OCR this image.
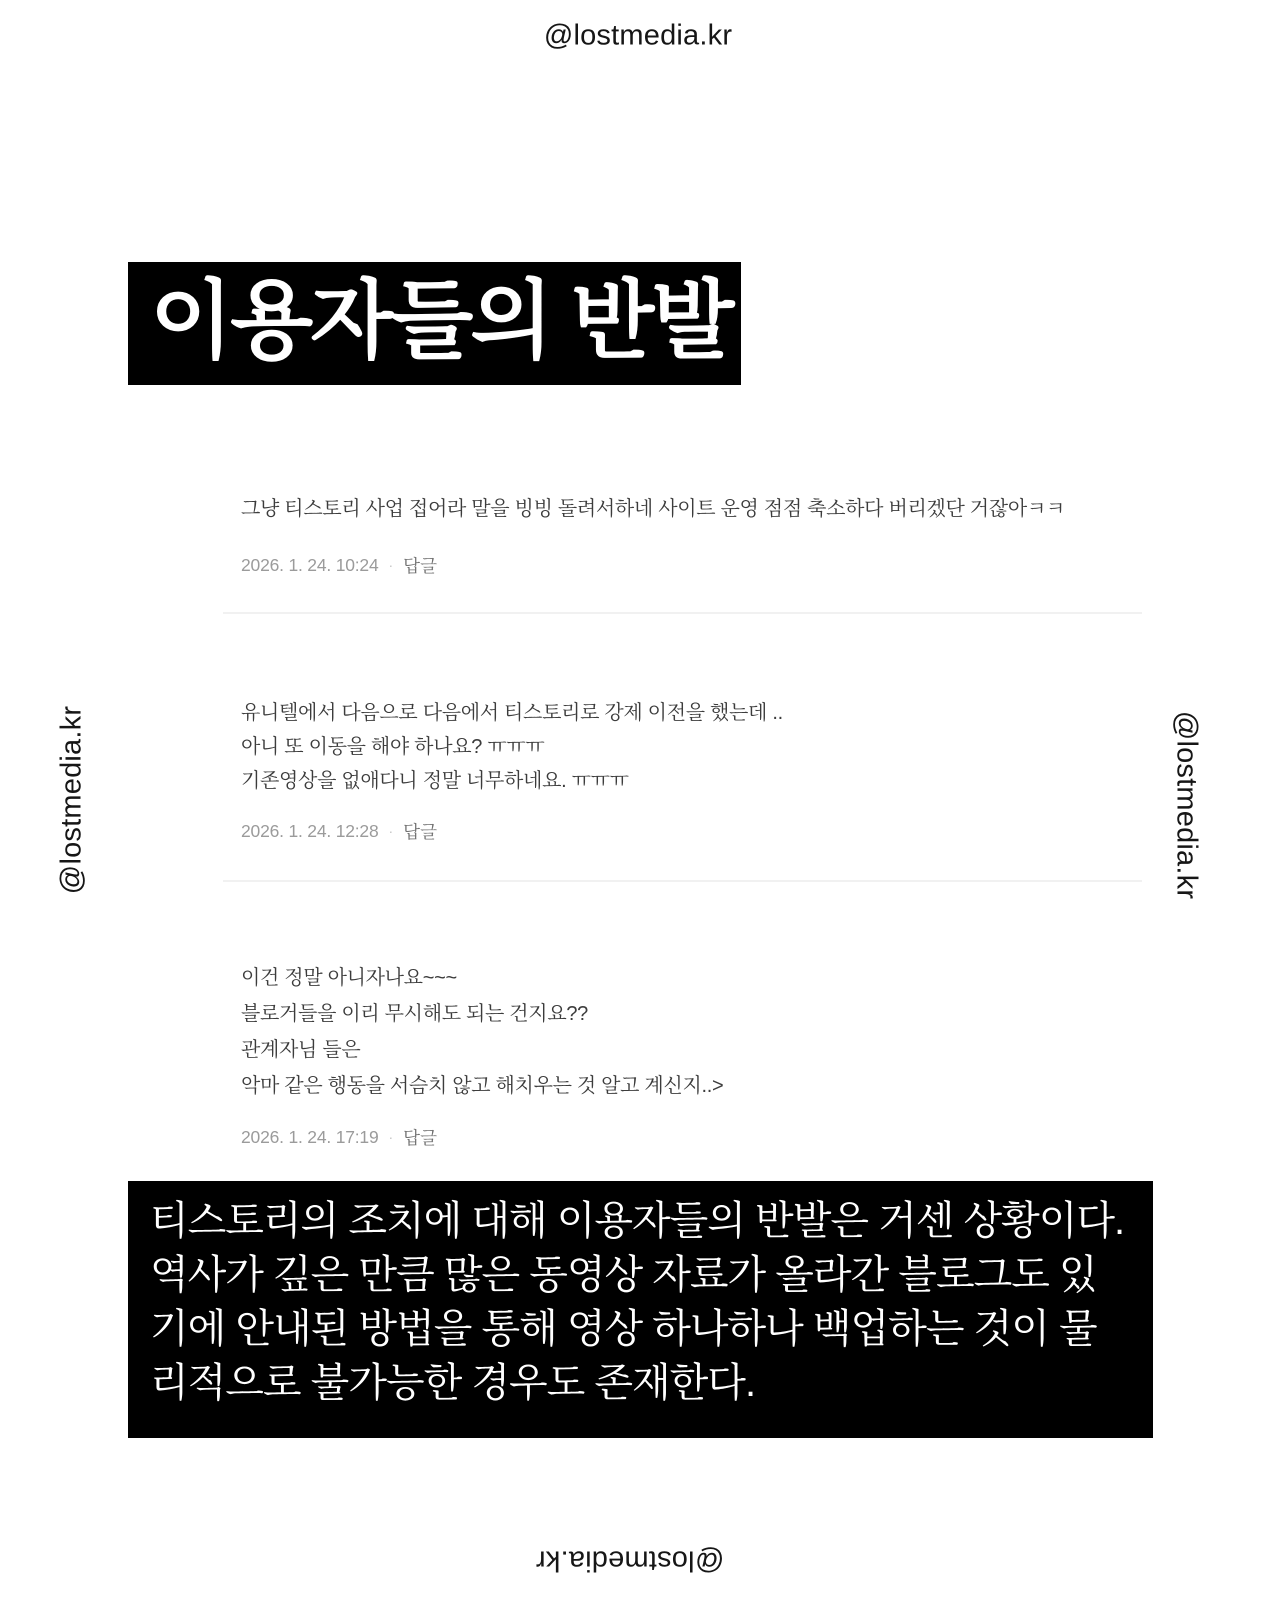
@lostmedia.kr
@lostmedia.kr	@lostmedia.kr
@lostmedia.kr
이용자들의 반발

그냥 티스토리 사업 접어라 말을 빙빙 돌려서하네 사이트 운영 점점 축소하다 버리겠단 거잖아ㅋㅋ

2026. 1. 24. 10:24 · 답글

유니텔에서 다음으로 다음에서 티스토리로 강제 이전을 했는데 ..

아니 또 이동을 해야 하나요? ㅠㅠㅠ

기존영상을 없애다니 정말 너무하네요. ㅠㅠㅠ

2026. 1. 24. 12:28 · 답글

이건 정말 아니자나요~~~

블로거들을 이리 무시해도 되는 건지요??

관계자님 들은

악마 같은 행동을 서슴치 않고 해치우는 것 알고 계신지..>

2026. 1. 24. 17:19 · 답글

티스토리의 조치에 대해 이용자들의 반발은 거센 상황이다. 역사가 깊은 만큼 많은 동영상 자료가 올라간 블로그도 있기에 안내된 방법을 통해 영상 하나하나 백업하는 것이 물리적으로 불가능한 경우도 존재한다.
